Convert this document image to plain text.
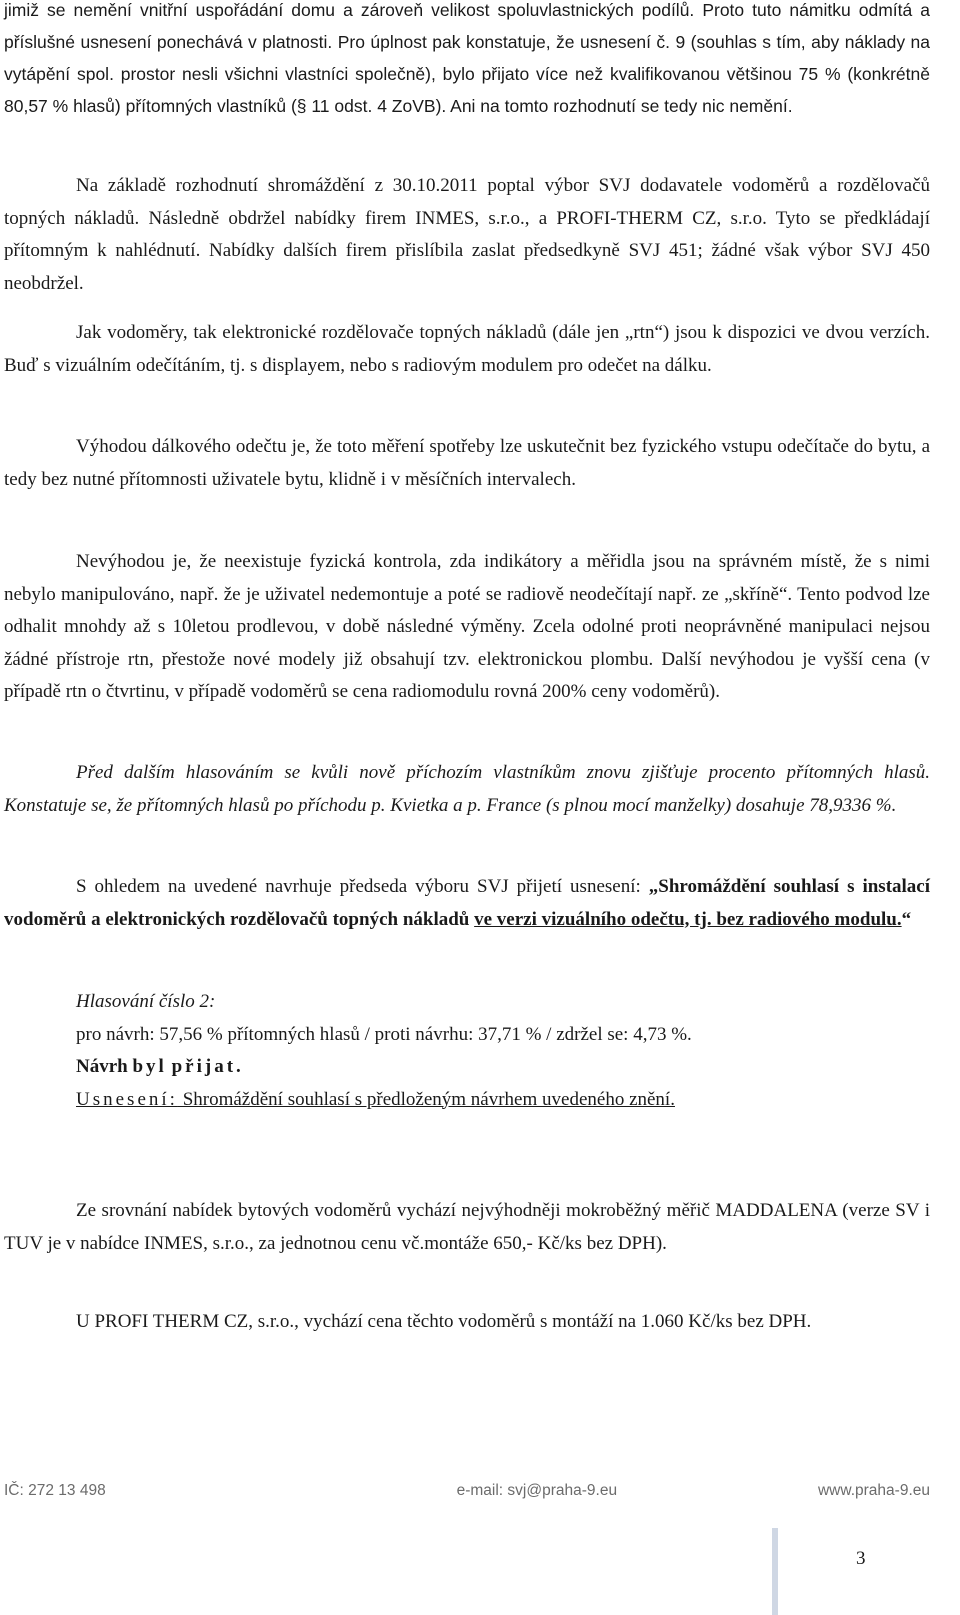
jimiž se nemění vnitřní uspořádání domu a zároveň velikost spoluvlastnických podílů. Proto tuto námitku odmítá a příslušné usnesení ponechává v platnosti. Pro úplnost pak konstatuje, že usnesení č. 9 (souhlas s tím, aby náklady na vytápění spol. prostor nesli všichni vlastníci společně), bylo přijato více než kvalifikovanou většinou 75 % (konkrétně 80,57 % hlasů) přítomných vlastníků (§ 11 odst. 4 ZoVB). Ani na tomto rozhodnutí se tedy nic nemění.

Na základě rozhodnutí shromáždění z 30.10.2011 poptal výbor SVJ dodavatele vodoměrů a rozdělovačů topných nákladů. Následně obdržel nabídky firem INMES, s.r.o., a PROFI-THERM CZ, s.r.o. Tyto se předkládají přítomným k nahlédnutí. Nabídky dalších firem přislíbila zaslat předsedkyně SVJ 451; žádné však výbor SVJ 450 neobdržel.

Jak vodoměry, tak elektronické rozdělovače topných nákladů (dále jen „rtn“) jsou k dispozici ve dvou verzích. Buď s vizuálním odečítáním, tj. s displayem, nebo s radiovým modulem pro odečet na dálku.

Výhodou dálkového odečtu je, že toto měření spotřeby lze uskutečnit bez fyzického vstupu odečítače do bytu, a tedy bez nutné přítomnosti uživatele bytu, klidně i v měsíčních intervalech.

Nevýhodou je, že neexistuje fyzická kontrola, zda indikátory a měřidla jsou na správném místě, že s nimi nebylo manipulováno, např. že je uživatel nedemontuje a poté se radiově neodečítají např. ze „skříně“. Tento podvod lze odhalit mnohdy až s 10letou prodlevou, v době následné výměny. Zcela odolné proti neoprávněné manipulaci nejsou žádné přístroje rtn, přestože nové modely již obsahují tzv. elektronickou plombu. Další nevýhodou je vyšší cena (v případě rtn o čtvrtinu, v případě vodoměrů se cena radiomodulu rovná 200% ceny vodoměrů).

Před dalším hlasováním se kvůli nově příchozím vlastníkům znovu zjišťuje procento přítomných hlasů. Konstatuje se, že přítomných hlasů po příchodu p. Kvietka a p. France (s plnou mocí manželky) dosahuje 78,9336 %.

S ohledem na uvedené navrhuje předseda výboru SVJ přijetí usnesení: „Shromáždění souhlasí s instalací vodoměrů a elektronických rozdělovačů topných nákladů ve verzi vizuálního odečtu, tj. bez radiového modulu.“

Hlasování číslo 2:

pro návrh: 57,56 % přítomných hlasů / proti návrhu: 37,71 % / zdržel se: 4,73 %.

Návrh byl přijat.

Usnesení: Shromáždění souhlasí s předloženým návrhem uvedeného znění.

Ze srovnání nabídek bytových vodoměrů vychází nejvýhodněji mokroběžný měřič MADDALENA (verze SV i TUV je v nabídce INMES, s.r.o., za jednotnou cenu vč.montáže 650,- Kč/ks bez DPH).

U PROFI THERM CZ, s.r.o., vychází cena těchto vodoměrů s montáží na 1.060 Kč/ks bez DPH.

IČ: 272 13 498	e-mail: svj@praha-9.eu	www.praha-9.eu
3
